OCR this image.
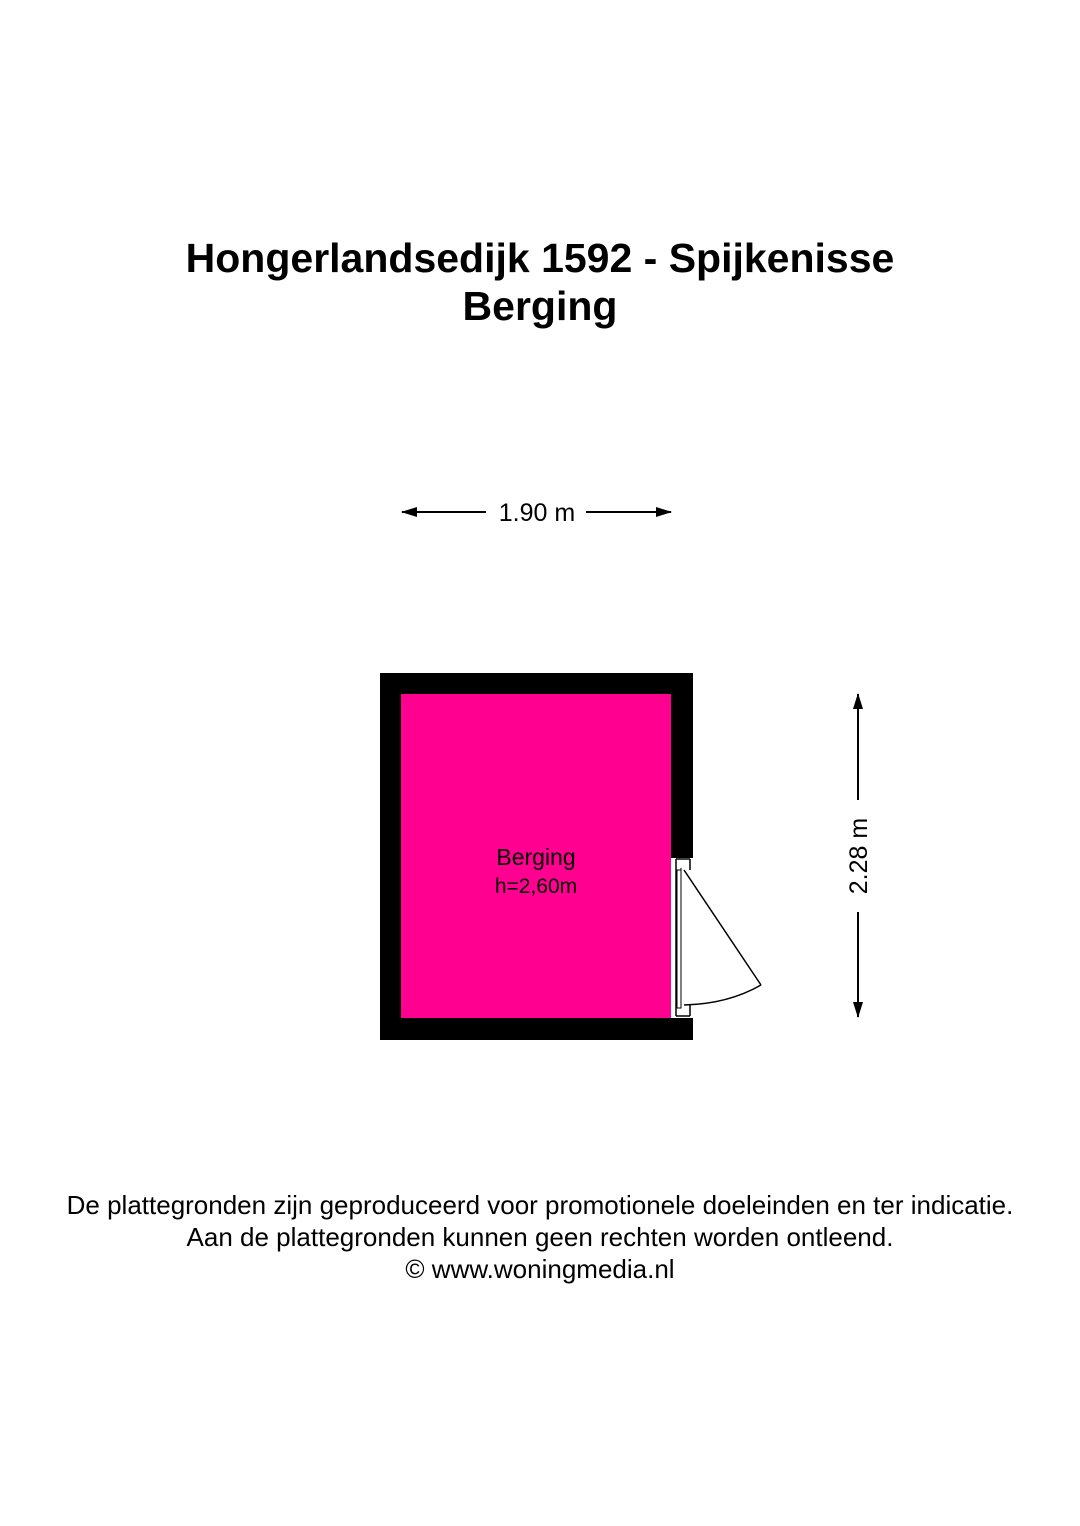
Hongerlandsedijk 1592 - Spijkenisse
Berging
1.90 m
2.28 m
Berging
h=2,60m
De plattegronden zijn geproduceerd voor promotionele doeleinden en ter indicatie.
Aan de plattegronden kunnen geen rechten worden ontleend.
© www.woningmedia.nl
